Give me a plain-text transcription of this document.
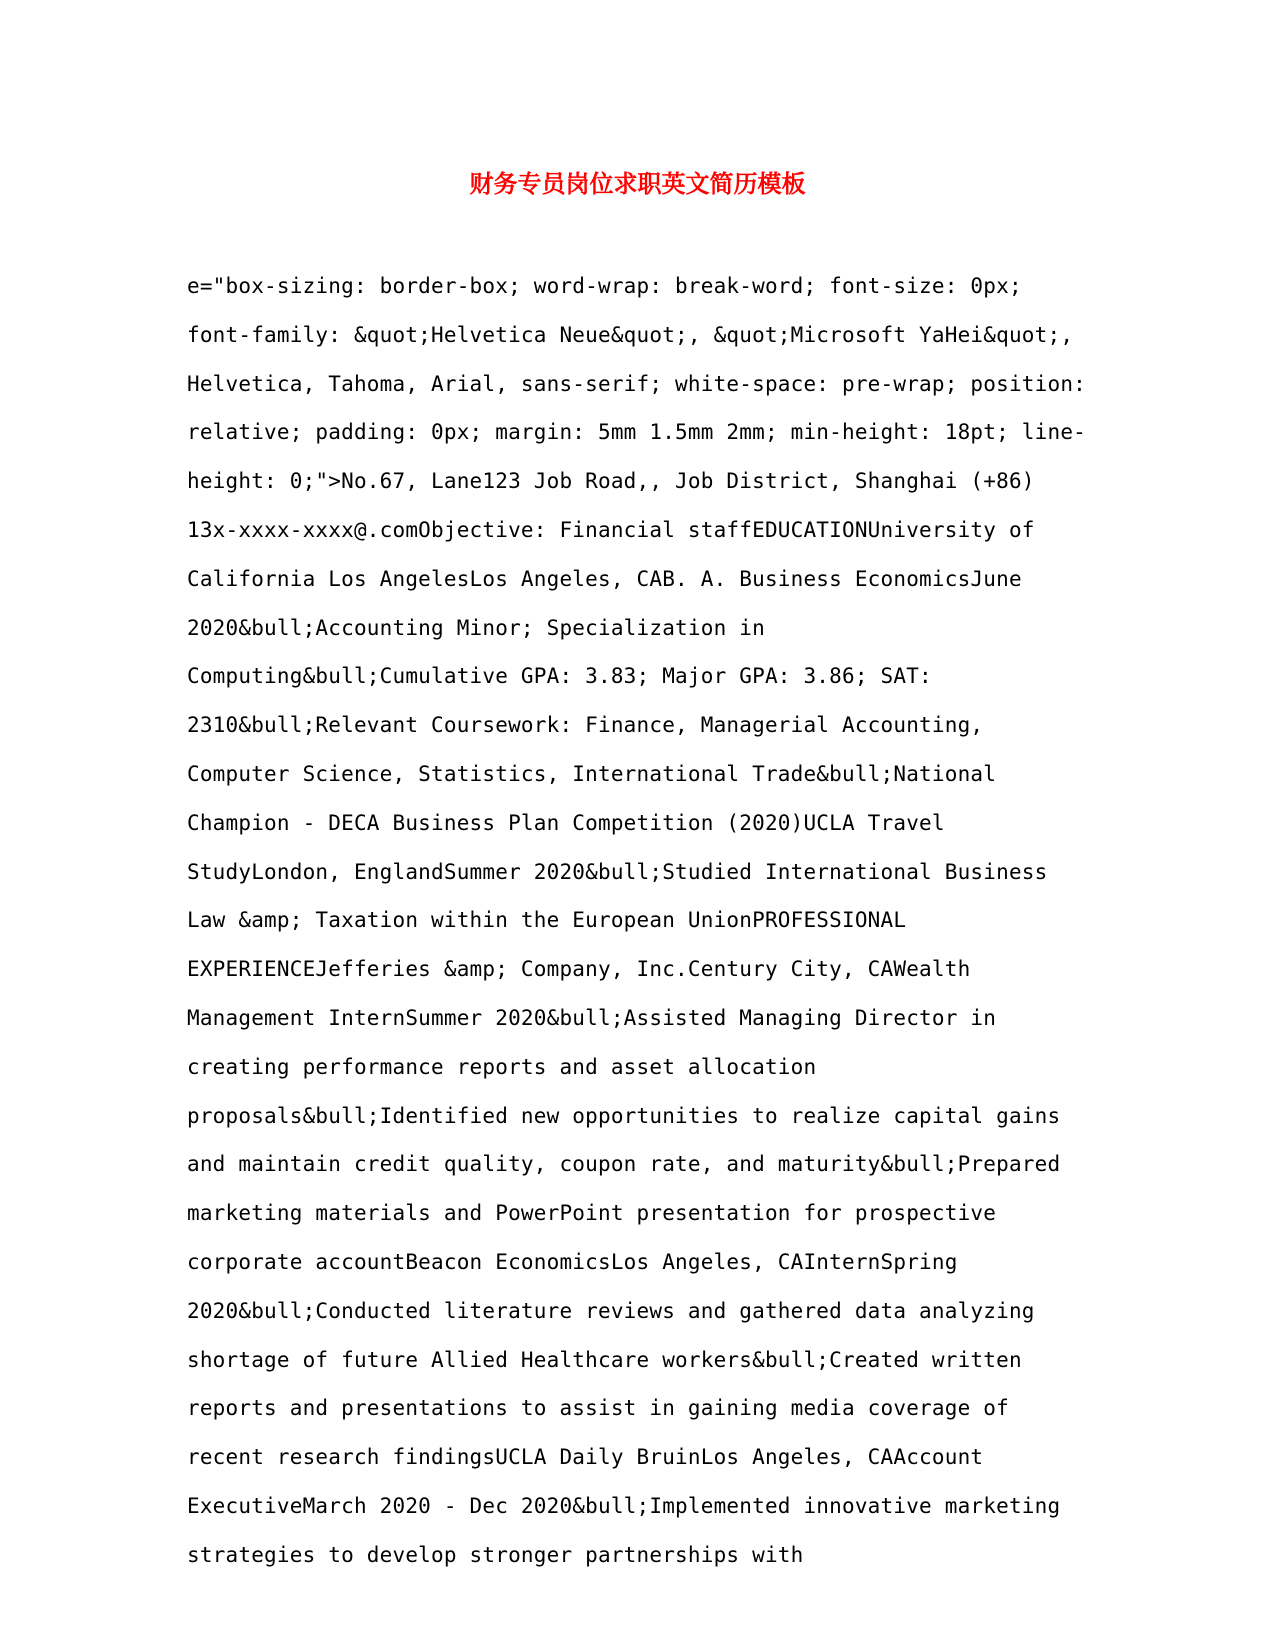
财务专员岗位求职英文简历模板

e="box-sizing: border-box; word-wrap: break-word; font-size: 0px; font-family: &quot;Helvetica Neue&quot;, &quot;Microsoft YaHei&quot;, Helvetica, Tahoma, Arial, sans-serif; white-space: pre-wrap; position: relative; padding: 0px; margin: 5mm 1.5mm 2mm; min-height: 18pt; line-height: 0;">No.67, Lane123 Job Road,, Job District, Shanghai (+86) 13x-xxxx-xxxx@.comObjective: Financial staffEDUCATIONUniversity of California Los AngelesLos Angeles, CAB. A. Business EconomicsJune 2020&bull;Accounting Minor; Specialization in Computing&bull;Cumulative GPA: 3.83; Major GPA: 3.86; SAT: 2310&bull;Relevant Coursework: Finance, Managerial Accounting, Computer Science, Statistics, International Trade&bull;National Champion - DECA Business Plan Competition (2020)UCLA Travel StudyLondon, EnglandSummer 2020&bull;Studied International Business Law &amp; Taxation within the European UnionPROFESSIONAL EXPERIENCEJefferies &amp; Company, Inc.Century City, CAWealth Management InternSummer 2020&bull;Assisted Managing Director in creating performance reports and asset allocation proposals&bull;Identified new opportunities to realize capital gains and maintain credit quality, coupon rate, and maturity&bull;Prepared marketing materials and PowerPoint presentation for prospective corporate accountBeacon EconomicsLos Angeles, CAInternSpring 2020&bull;Conducted literature reviews and gathered data analyzing shortage of future Allied Healthcare workers&bull;Created written reports and presentations to assist in gaining media coverage of recent research findingsUCLA Daily BruinLos Angeles, CAAccount ExecutiveMarch 2020 - Dec 2020&bull;Implemented innovative marketing strategies to develop stronger partnerships with
